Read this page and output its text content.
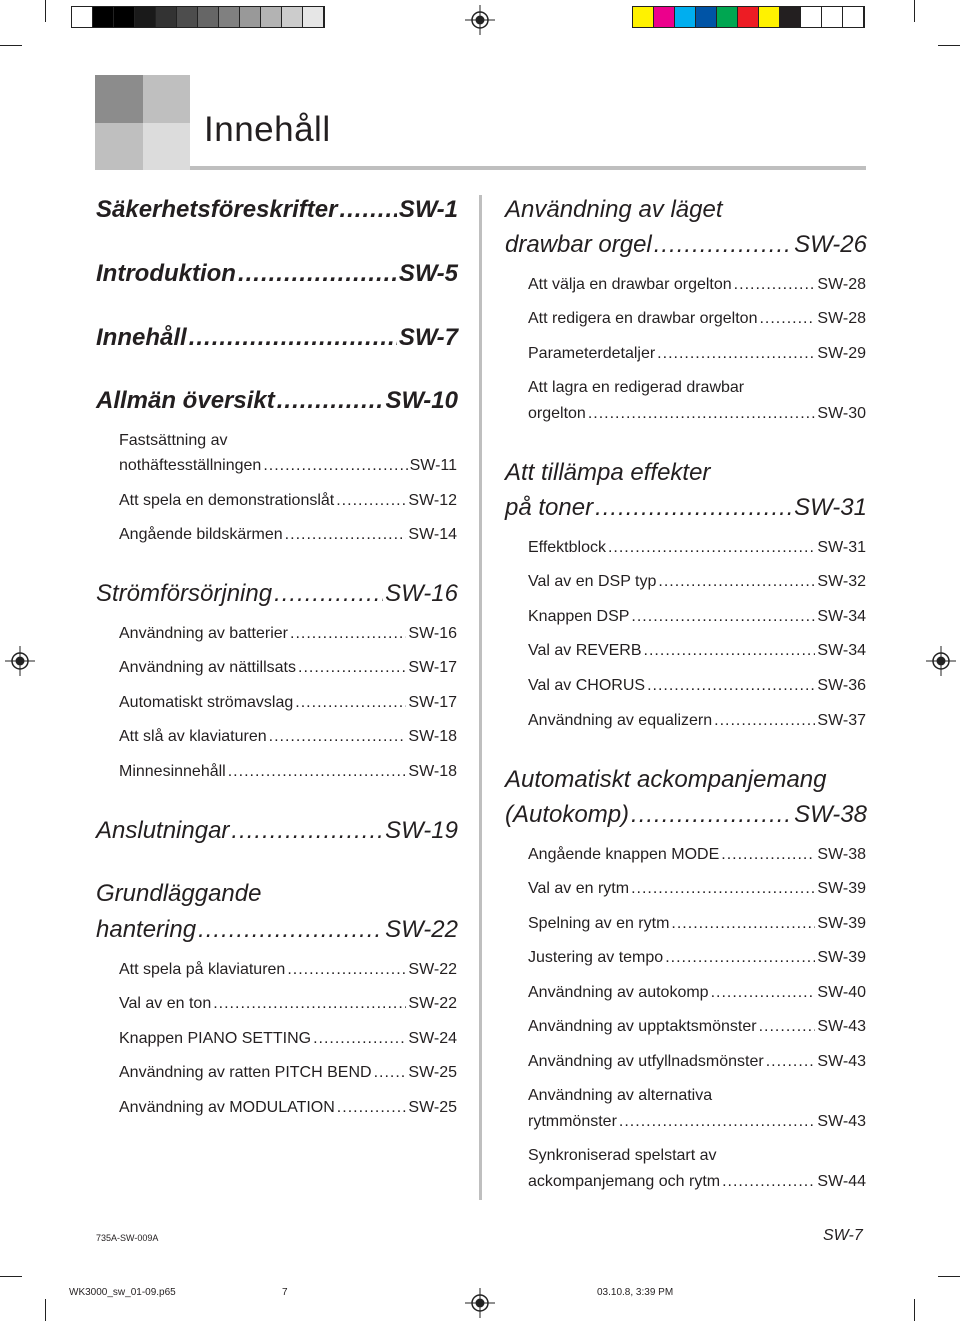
Innehåll
Säkerhetsföreskrifter .....	SW-1
Introduktion .....	SW-5
Innehåll .....	SW-7
Allmän översikt .....	SW-10
Fastsättning av
nothäftesställningen .....	SW-11
Att spela en demonstrationslåt .....	SW-12
Angående bildskärmen .....	SW-14
Strömförsörjning .....	SW-16
Användning av batterier .....	SW-16
Användning av nättillsats .....	SW-17
Automatiskt strömavslag .....	SW-17
Att slå av klaviaturen .....	SW-18
Minnesinnehåll .....	SW-18
Anslutningar .....	SW-19
Grundläggande
hantering .....	SW-22
Att spela på klaviaturen .....	SW-22
Val av en ton .....	SW-22
Knappen PIANO SETTING .....	SW-24
Användning av ratten PITCH BEND ..... SW-25
Användning av MODULATION .....	SW-25
Användning av läget
drawbar orgel .....	SW-26
Att välja en drawbar orgelton .....	SW-28
Att redigera en drawbar orgelton .....	SW-28
Parameterdetaljer .....	SW-29
Att lagra en redigerad drawbar
orgelton .....	SW-30
Att tillämpa effekter
på toner .....	SW-31
Effektblock .....	SW-31
Val av en DSP typ .....	SW-32
Knappen DSP .....	SW-34
Val av REVERB .....	SW-34
Val av CHORUS .....	SW-36
Användning av equalizern .....	SW-37
Automatiskt ackompanjemang
(Autokomp) .....	SW-38
Angående knappen MODE .....	SW-38
Val av en rytm .....	SW-39
Spelning av en rytm .....	SW-39
Justering av tempo .....	SW-39
Användning av autokomp .....	SW-40
Användning av upptaktsmönster .....	SW-43
Användning av utfyllnadsmönster .....	SW-43
Användning av alternativa
rytmmönster .....	SW-43
Synkroniserad spelstart av
ackompanjemang och rytm .....	SW-44
735A-SW-009A	SW-7
WK3000_sw_01-09.p65	7	03.10.8, 3:39 PM
